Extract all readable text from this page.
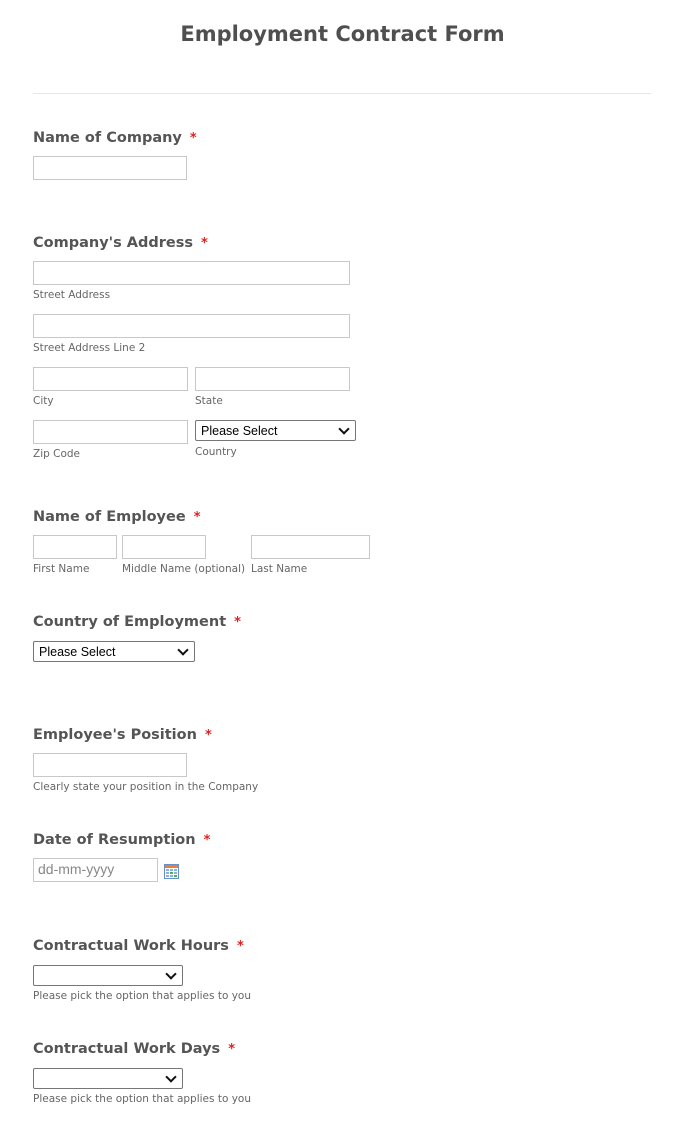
Employment Contract Form
Name of Company *
Company's Address *
Street Address
Street Address Line 2
City	State
Zip Code
Please Select
Country
Name of Employee *
First Name	Middle Name (optional) Last Name
Country of Employment *
Please Select
Employee's Position *
Clearly state your position in the Company
Date of Resumption *
dd-mm-yyyy
Contractual Work Hours *
Please pick the option that applies to you
Contractual Work Days *
Please pick the option that applies to you
